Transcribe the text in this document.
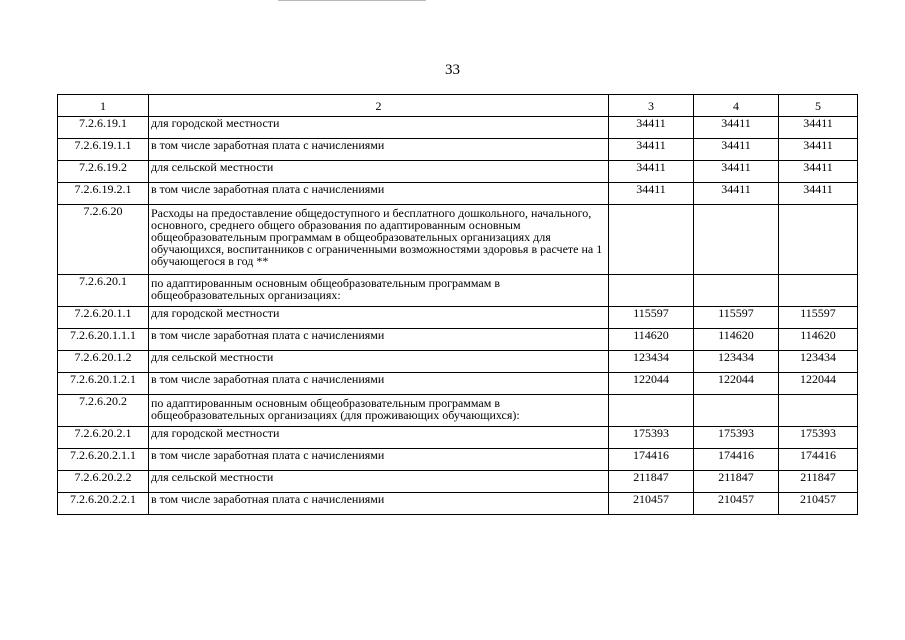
33
1	2	3	4	5
7.2.6.19.1	для городской местности	34411	34411	34411
7.2.6.19.1.1	в том числе заработная плата с начислениями	34411	34411	34411
7.2.6.19.2	для сельской местности	34411	34411	34411
7.2.6.19.2.1	в том числе заработная плата с начислениями	34411	34411	34411
7.2.6.20	Расходы на предоставление общедоступного и бесплатного дошкольного, начального, основного, среднего общего образования по адаптированным основным общеобразовательным программам в общеобразовательных организациях для обучающихся, воспитанников с ограниченными возможностями здоровья в расчете на 1 обучающегося в год **			
7.2.6.20.1	по адаптированным основным общеобразовательным программам в общеобразовательных организациях:			
7.2.6.20.1.1	для городской местности	115597	115597	115597
7.2.6.20.1.1.1	в том числе заработная плата с начислениями	114620	114620	114620
7.2.6.20.1.2	для сельской местности	123434	123434	123434
7.2.6.20.1.2.1	в том числе заработная плата с начислениями	122044	122044	122044
7.2.6.20.2	по адаптированным основным общеобразовательным программам в общеобразовательных организациях (для проживающих обучающихся):			
7.2.6.20.2.1	для городской местности	175393	175393	175393
7.2.6.20.2.1.1	в том числе заработная плата с начислениями	174416	174416	174416
7.2.6.20.2.2	для сельской местности	211847	211847	211847
7.2.6.20.2.2.1	в том числе заработная плата с начислениями	210457	210457	210457
